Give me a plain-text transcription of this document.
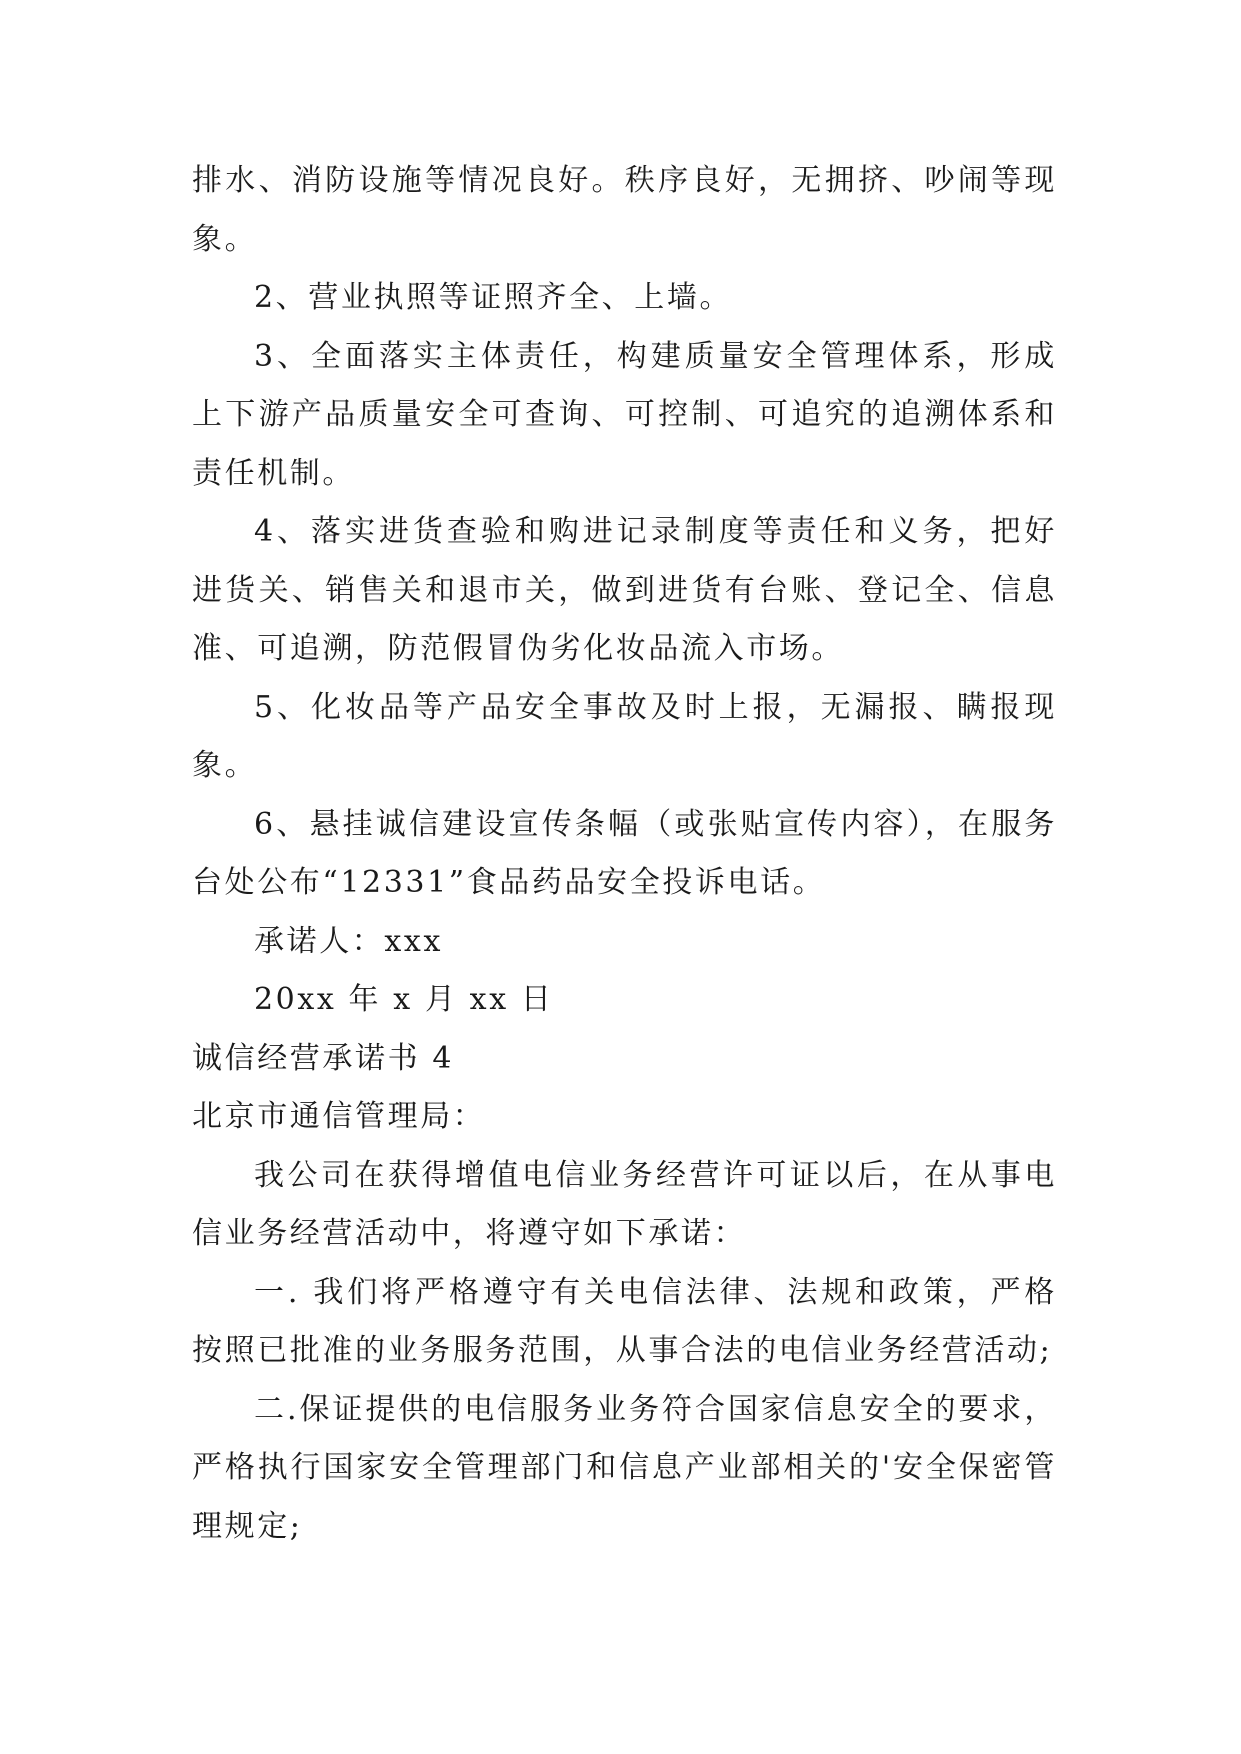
排水、消防设施等情况良好。秩序良好，无拥挤、吵闹等现象。

2、营业执照等证照齐全、上墙。

3、全面落实主体责任，构建质量安全管理体系，形成上下游产品质量安全可查询、可控制、可追究的追溯体系和责任机制。

4、落实进货查验和购进记录制度等责任和义务，把好进货关、销售关和退市关，做到进货有台账、登记全、信息准、可追溯，防范假冒伪劣化妆品流入市场。

5、化妆品等产品安全事故及时上报，无漏报、瞒报现象。

6、悬挂诚信建设宣传条幅（或张贴宣传内容），在服务台处公布“12331”食品药品安全投诉电话。

承诺人：xxx

20xx 年 x 月 xx 日

诚信经营承诺书 4

北京市通信管理局：

我公司在获得增值电信业务经营许可证以后，在从事电信业务经营活动中，将遵守如下承诺：

一. 我们将严格遵守有关电信法律、法规和政策，严格按照已批准的业务服务范围，从事合法的电信业务经营活动;

二.保证提供的电信服务业务符合国家信息安全的要求，严格执行国家安全管理部门和信息产业部相关的'安全保密管理规定;
